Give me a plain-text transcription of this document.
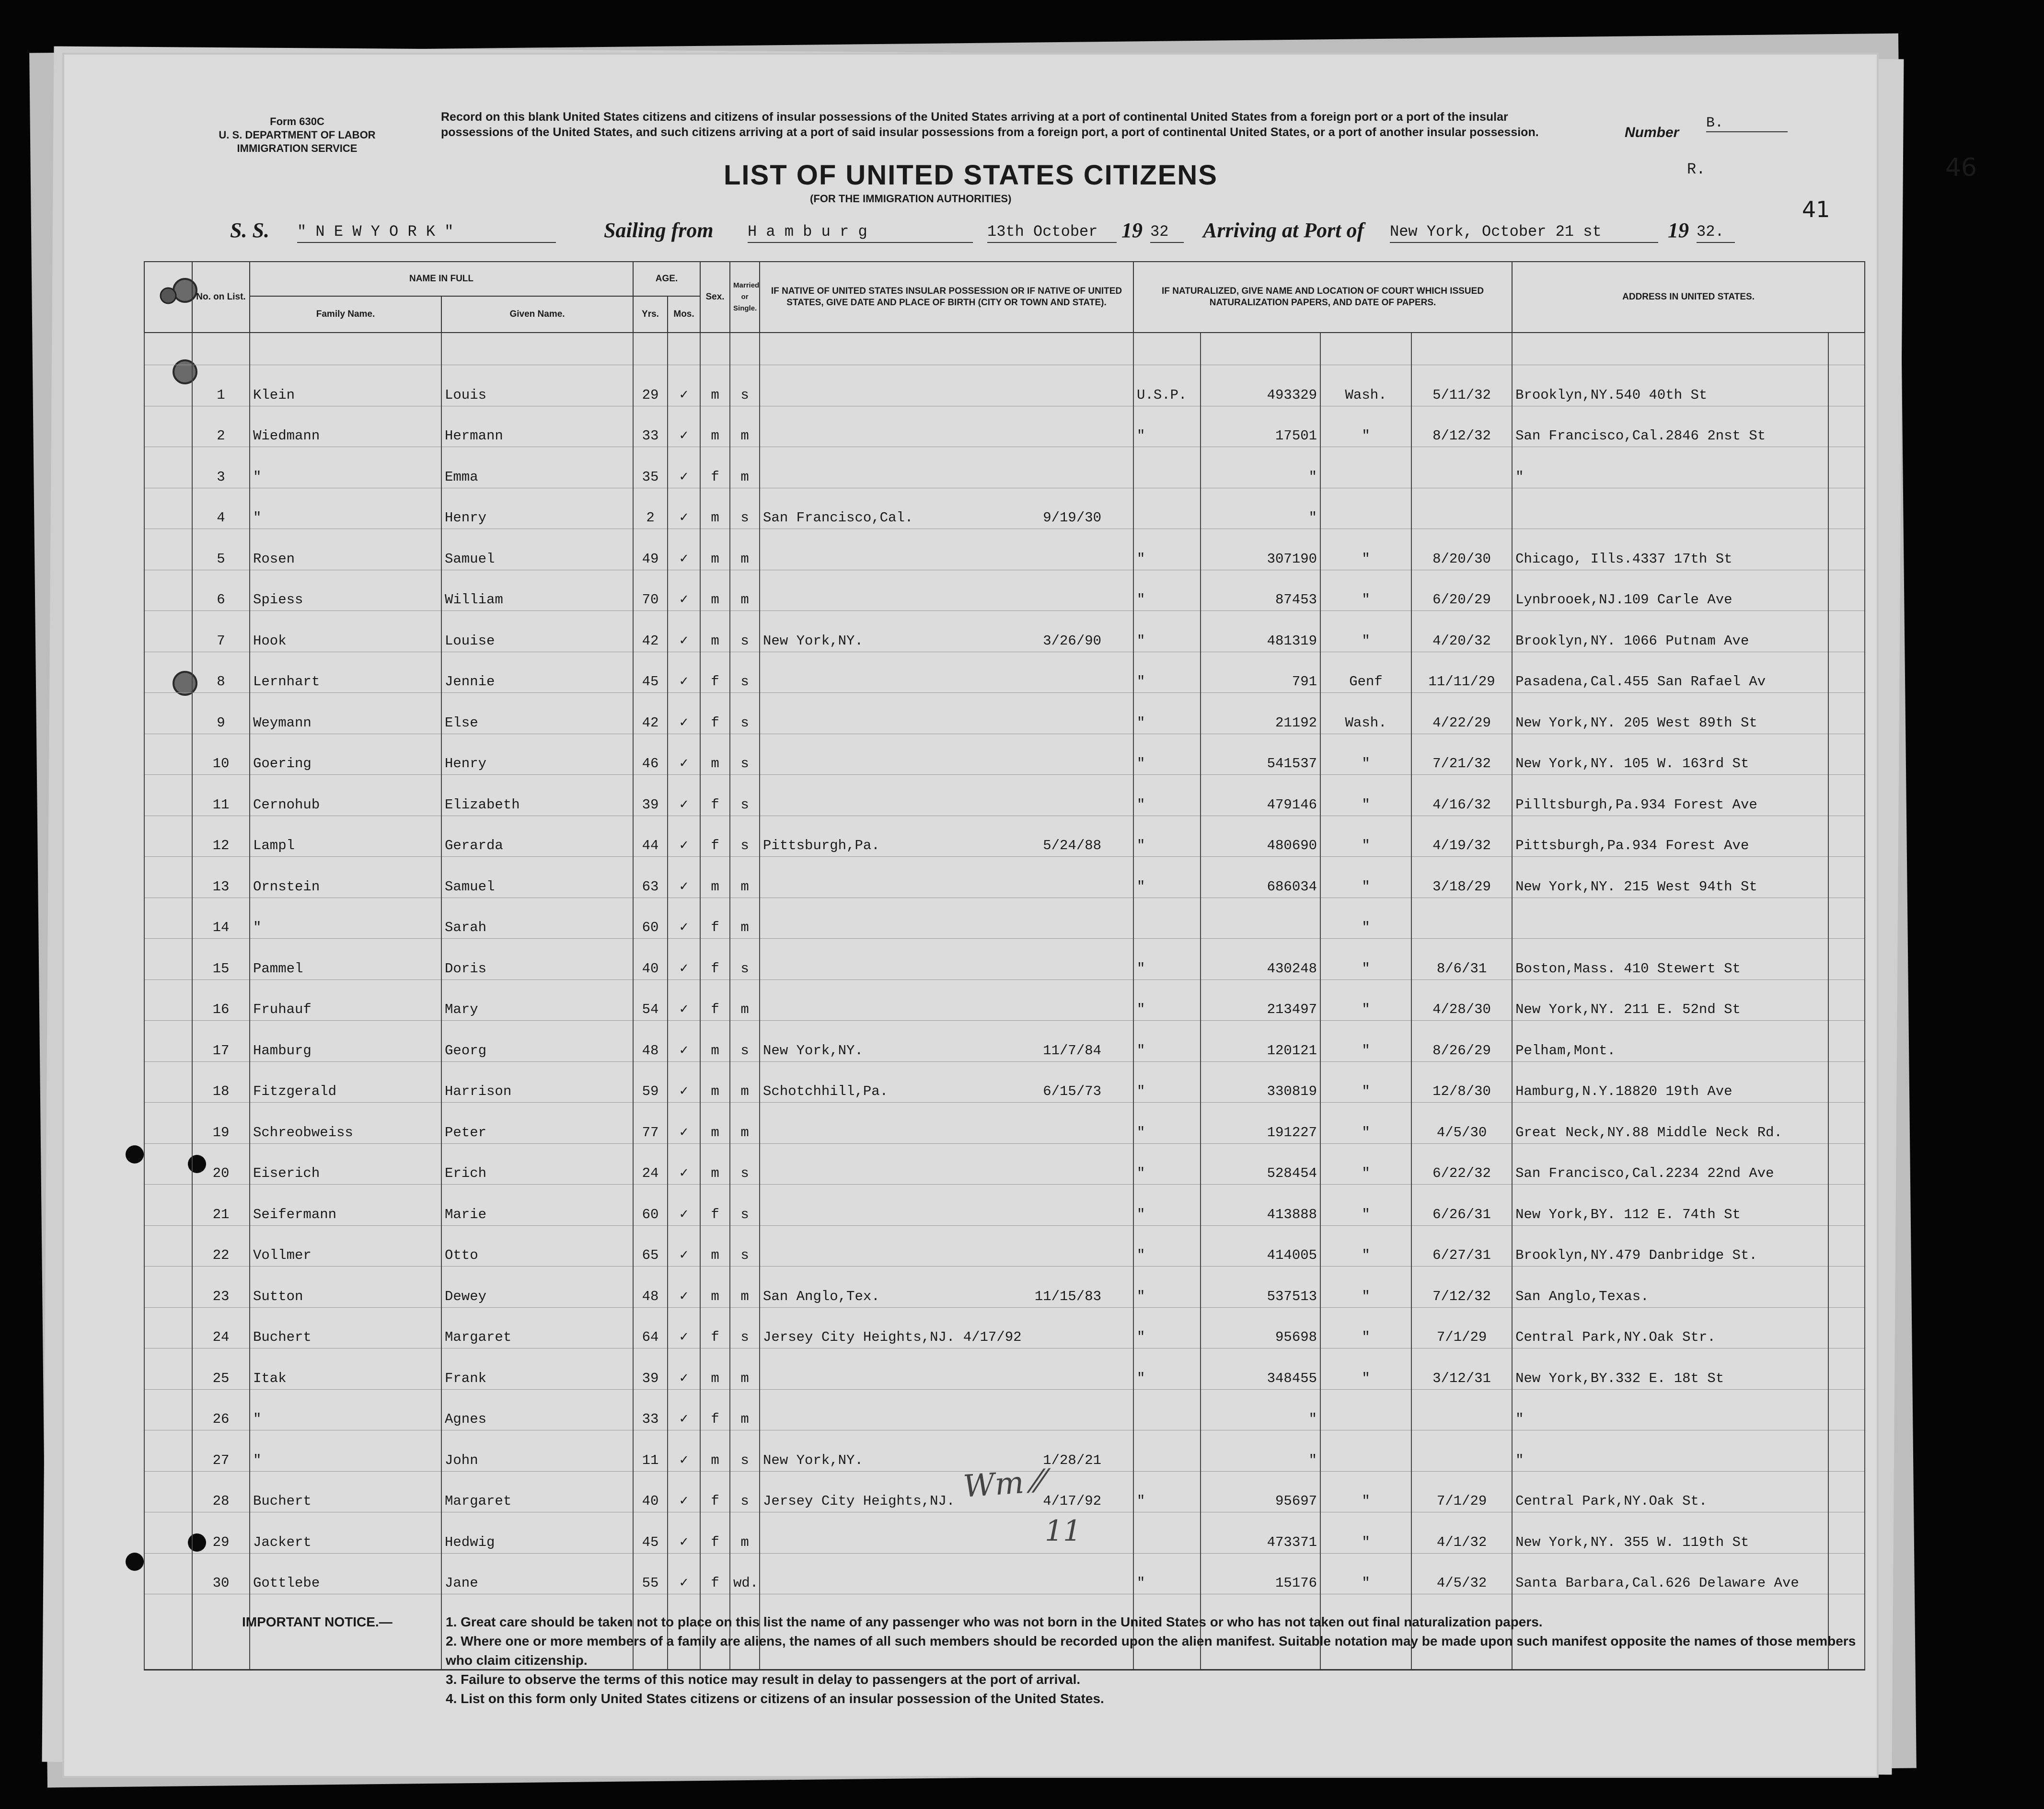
46
Form 630C
U. S. DEPARTMENT OF LABOR
IMMIGRATION SERVICE
Record on this blank United States citizens and citizens of insular possessions of the United States arriving at a port of continental United States from a foreign port or a port of the insular possessions of the United States, and such citizens arriving at a port of said insular possessions from a foreign port, a port of continental United States, or a port of another insular possession.	Number
B.
R.
LIST OF UNITED STATES CITIZENS
(FOR THE IMMIGRATION AUTHORITIES)	41
S. S. " N E W Y O R K "	Sailing from H a m b u r g	13th October	19 32	Arriving at Port of New York, October 21 st	19 32.
	No. on List.	NAME IN FULL		AGE.		Sex.	Married or Single.	IF NATIVE OF UNITED STATES INSULAR POSSESSION OR IF NATIVE OF UNITED STATES, GIVE DATE AND PLACE OF BIRTH (CITY OR TOWN AND STATE).	IF NATURALIZED, GIVE NAME AND LOCATION OF COURT WHICH ISSUED NATURALIZATION PAPERS, AND DATE OF PAPERS.				ADDRESS IN UNITED STATES.	
		Family Name.	Given Name.	Yrs.	Mos.									

	1	Klein	Louis	29	✓	m	s		U.S.P.	493329	Wash.	5/11/32	Brooklyn,NY.540 40th St	
	2	Wiedmann	Hermann	33	✓	m	m		"	17501	"	8/12/32	San Francisco,Cal.2846 2nst St	
	3	"	Emma	35	✓	f	m			"			"	
	4	"	Henry	2	✓	m	s	San Francisco,Cal. 9/19/30		"				
	5	Rosen	Samuel	49	✓	m	m		"	307190	"	8/20/30	Chicago, Ills.4337 17th St	
	6	Spiess	William	70	✓	m	m		"	87453	"	6/20/29	Lynbrooek,NJ.109 Carle Ave	
	7	Hook	Louise	42	✓	m	s	New York,NY. 3/26/90	"	481319	"	4/20/32	Brooklyn,NY. 1066 Putnam Ave	
	8	Lernhart	Jennie	45	✓	f	s		"	791	Genf	11/11/29	Pasadena,Cal.455 San Rafael Av	
	9	Weymann	Else	42	✓	f	s		"	21192	Wash.	4/22/29	New York,NY. 205 West 89th St	
	10	Goering	Henry	46	✓	m	s		"	541537	"	7/21/32	New York,NY. 105 W. 163rd St	
	11	Cernohub	Elizabeth	39	✓	f	s		"	479146	"	4/16/32	Pilltsburgh,Pa.934 Forest Ave	
	12	Lampl	Gerarda	44	✓	f	s	Pittsburgh,Pa. 5/24/88	"	480690	"	4/19/32	Pittsburgh,Pa.934 Forest Ave	
	13	Ornstein	Samuel	63	✓	m	m		"	686034	"	3/18/29	New York,NY. 215 West 94th St	
	14	"	Sarah	60	✓	f	m				"			
	15	Pammel	Doris	40	✓	f	s		"	430248	"	8/6/31	Boston,Mass. 410 Stewert St	
	16	Fruhauf	Mary	54	✓	f	m		"	213497	"	4/28/30	New York,NY. 211 E. 52nd St	
	17	Hamburg	Georg	48	✓	m	s	New York,NY. 11/7/84	"	120121	"	8/26/29	Pelham,Mont.	
	18	Fitzgerald	Harrison	59	✓	m	m	Schotchhill,Pa. 6/15/73	"	330819	"	12/8/30	Hamburg,N.Y.18820 19th Ave	
	19	Schreobweiss	Peter	77	✓	m	m		"	191227	"	4/5/30	Great Neck,NY.88 Middle Neck Rd.	
	20	Eiserich	Erich	24	✓	m	s		"	528454	"	6/22/32	San Francisco,Cal.2234 22nd Ave	
	21	Seifermann	Marie	60	✓	f	s		"	413888	"	6/26/31	New York,BY. 112 E. 74th St	
	22	Vollmer	Otto	65	✓	m	s		"	414005	"	6/27/31	Brooklyn,NY.479 Danbridge St.	
	23	Sutton	Dewey	48	✓	m	m	San Anglo,Tex. 11/15/83	"	537513	"	7/12/32	San Anglo,Texas.	
	24	Buchert	Margaret	64	✓	f	s	Jersey City Heights,NJ. 4/17/92	"	95698	"	7/1/29	Central Park,NY.Oak Str.	
	25	Itak	Frank	39	✓	m	m		"	348455	"	3/12/31	New York,BY.332 E. 18t St	
	26	"	Agnes	33	✓	f	m			"			"	
	27	"	John	11	✓	m	s	New York,NY. 1/28/21		"			"	
	28	Buchert	Margaret	40	✓	f	s	Jersey City Heights,NJ. 4/17/92	"	95697	"	7/1/29	Central Park,NY.Oak St.	
	29	Jackert	Hedwig	45	✓	f	m			473371	"	4/1/32	New York,NY. 355 W. 119th St	
	30	Gottlebe	Jane	55	✓	f	wd.		"	15176	"	4/5/32	Santa Barbara,Cal.626 Delaware Ave	

Wm ⁄⁄
11
IMPORTANT NOTICE.—	1. Great care should be taken not to place on this list the name of any passenger who was not born in the United States or who has not taken out final naturalization papers.
2. Where one or more members of a family are aliens, the names of all such members should be recorded upon the alien manifest. Suitable notation may be made upon such manifest opposite the names of those members who claim citizenship.
3. Failure to observe the terms of this notice may result in delay to passengers at the port of arrival.
4. List on this form only United States citizens or citizens of an insular possession of the United States.
